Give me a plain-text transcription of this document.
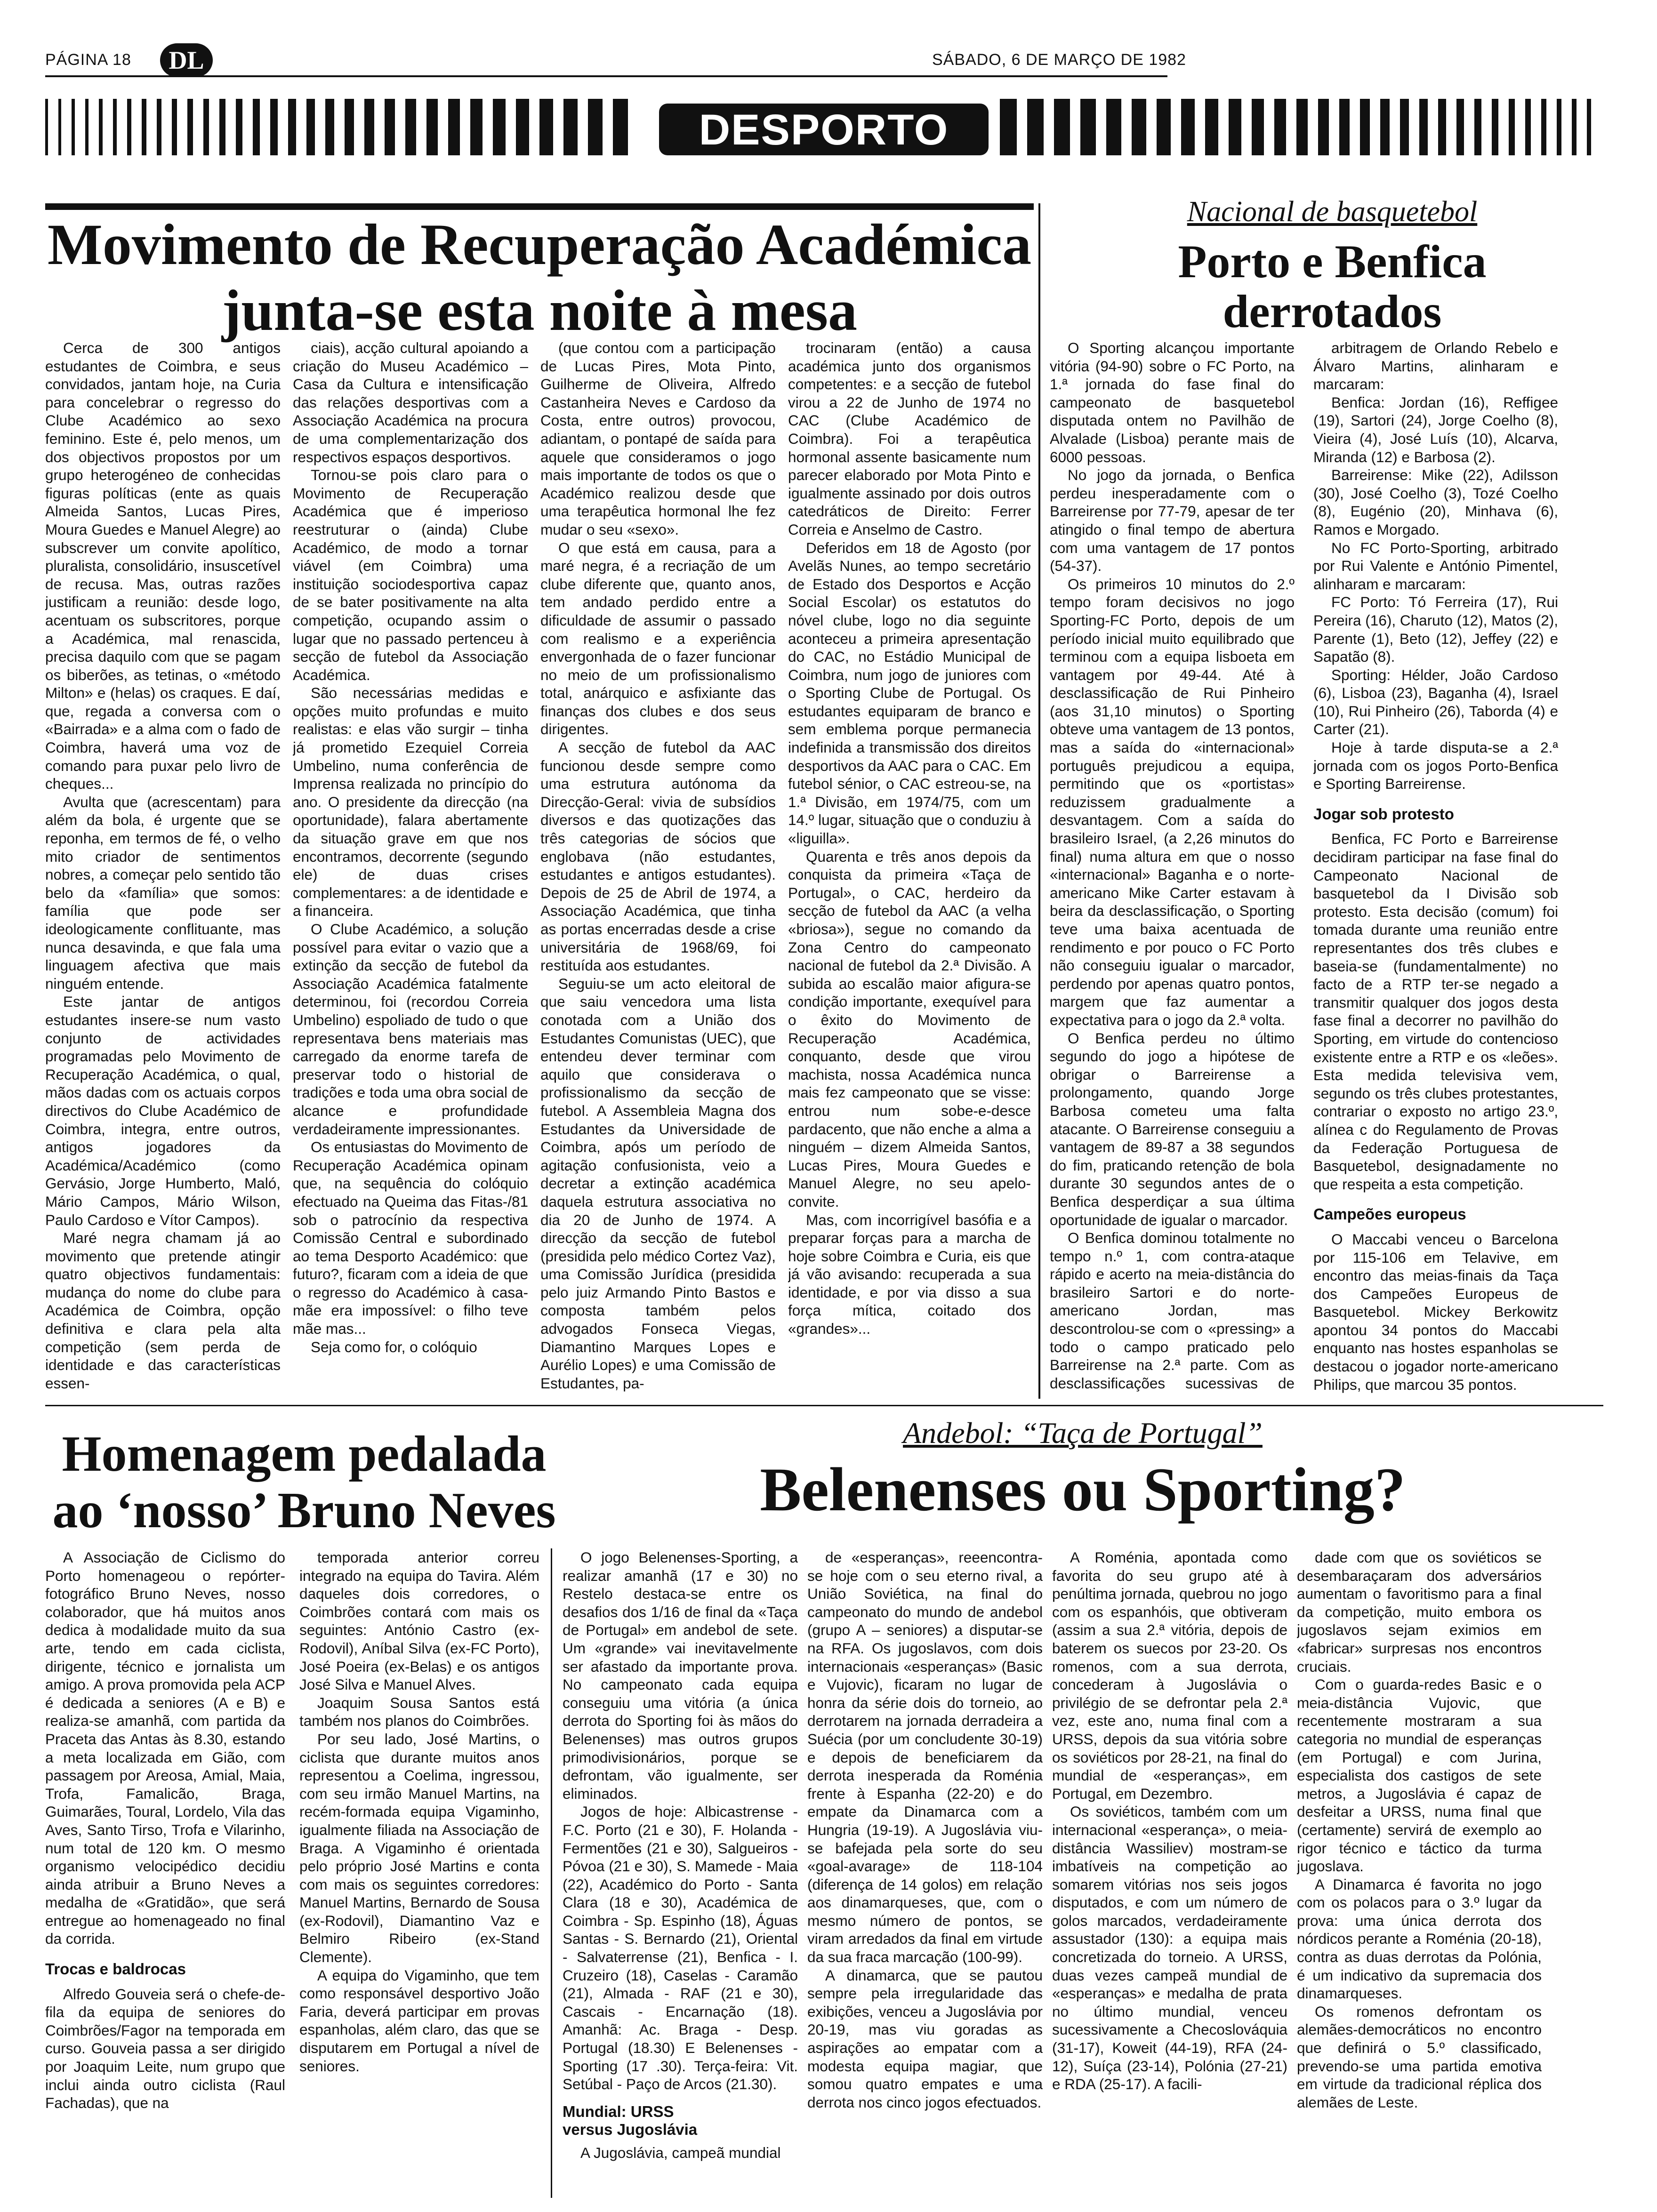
PÁGINA 18	DL	SÁBADO, 6 DE MARÇO DE 1982
DESPORTO
Movimento de Recuperação Académica
junta-se esta noite à mesa

Cerca de 300 antigos estudantes de Coimbra, e seus convidados, jantam hoje, na Curia para concelebrar o regresso do Clube Académico ao sexo feminino. Este é, pelo menos, um dos objectivos propostos por um grupo heterogéneo de conhecidas figuras políticas (ente as quais Almeida Santos, Lucas Pires, Moura Guedes e Manuel Alegre) ao subscrever um convite apolítico, pluralista, consolidário, insuscetível de recusa. Mas, outras razões justificam a reunião: desde logo, acentuam os subscritores, porque a Académica, mal renascida, precisa daquilo com que se pagam os biberões, as tetinas, o «método Milton» e (helas) os craques. E daí, que, regada a conversa com o «Bairrada» e a alma com o fado de Coimbra, haverá uma voz de comando para puxar pelo livro de cheques...

Avulta que (acrescentam) para além da bola, é urgente que se reponha, em termos de fé, o velho mito criador de sentimentos nobres, a começar pelo sentido tão belo da «família» que somos: família que pode ser ideologicamente conflituante, mas nunca desavinda, e que fala uma linguagem afectiva que mais ninguém entende.

Este jantar de antigos estudantes insere-se num vasto conjunto de actividades programadas pelo Movimento de Recuperação Académica, o qual, mãos dadas com os actuais corpos directivos do Clube Académico de Coimbra, integra, entre outros, antigos jogadores da Académica/Académico (como Gervásio, Jorge Humberto, Maló, Mário Campos, Mário Wilson, Paulo Cardoso e Vítor Campos).

Maré negra chamam já ao movimento que pretende atingir quatro objectivos fundamentais: mudança do nome do clube para Académica de Coimbra, opção definitiva e clara pela alta competição (sem perda de identidade e das características essen-

ciais), acção cultural apoiando a criação do Museu Académico – Casa da Cultura e intensificação das relações desportivas com a Associação Académica na procura de uma complementarização dos respectivos espaços desportivos.

Tornou-se pois claro para o Movimento de Recuperação Académica que é imperioso reestruturar o (ainda) Clube Académico, de modo a tornar viável (em Coimbra) uma instituição sociodesportiva capaz de se bater positivamente na alta competição, ocupando assim o lugar que no passado pertenceu à secção de futebol da Associação Académica.

São necessárias medidas e opções muito profundas e muito realistas: e elas vão surgir – tinha já prometido Ezequiel Correia Umbelino, numa conferência de Imprensa realizada no princípio do ano. O presidente da direcção (na oportunidade), falara abertamente da situação grave em que nos encontramos, decorrente (segundo ele) de duas crises complementares: a de identidade e a financeira.

O Clube Académico, a solução possível para evitar o vazio que a extinção da secção de futebol da Associação Académica fatalmente determinou, foi (recordou Correia Umbelino) espoliado de tudo o que representava bens materiais mas carregado da enorme tarefa de preservar todo o historial de tradições e toda uma obra social de alcance e profundidade verdadeiramente impressionantes.

Os entusiastas do Movimento de Recuperação Académica opinam que, na sequência do colóquio efectuado na Queima das Fitas-/81 sob o patrocínio da respectiva Comissão Central e subordinado ao tema Desporto Académico: que futuro?, ficaram com a ideia de que o regresso do Académico à casa-mãe era impossível: o filho teve mãe mas...

Seja como for, o colóquio

(que contou com a participação de Lucas Pires, Mota Pinto, Guilherme de Oliveira, Alfredo Castanheira Neves e Cardoso da Costa, entre outros) provocou, adiantam, o pontapé de saída para aquele que consideramos o jogo mais importante de todos os que o Académico realizou desde que uma terapêutica hormonal lhe fez mudar o seu «sexo».

O que está em causa, para a maré negra, é a recriação de um clube diferente que, quanto anos, tem andado perdido entre a dificuldade de assumir o passado com realismo e a experiência envergonhada de o fazer funcionar no meio de um profissionalismo total, anárquico e asfixiante das finanças dos clubes e dos seus dirigentes.

A secção de futebol da AAC funcionou desde sempre como uma estrutura autónoma da Direcção-Geral: vivia de subsídios diversos e das quotizações das três categorias de sócios que englobava (não estudantes, estudantes e antigos estudantes). Depois de 25 de Abril de 1974, a Associação Académica, que tinha as portas encerradas desde a crise universitária de 1968/69, foi restituída aos estudantes.

Seguiu-se um acto eleitoral de que saiu vencedora uma lista conotada com a União dos Estudantes Comunistas (UEC), que entendeu dever terminar com aquilo que considerava o profissionalismo da secção de futebol. A Assembleia Magna dos Estudantes da Universidade de Coimbra, após um período de agitação confusionista, veio a decretar a extinção académica daquela estrutura associativa no dia 20 de Junho de 1974. A direcção da secção de futebol (presidida pelo médico Cortez Vaz), uma Comissão Jurídica (presidida pelo juiz Armando Pinto Bastos e composta também pelos advogados Fonseca Viegas, Diamantino Marques Lopes e Aurélio Lopes) e uma Comissão de Estudantes, pa-

trocinaram (então) a causa académica junto dos organismos competentes: e a secção de futebol virou a 22 de Junho de 1974 no CAC (Clube Académico de Coimbra). Foi a terapêutica hormonal assente basicamente num parecer elaborado por Mota Pinto e igualmente assinado por dois outros catedráticos de Direito: Ferrer Correia e Anselmo de Castro.

Deferidos em 18 de Agosto (por Avelãs Nunes, ao tempo secretário de Estado dos Desportos e Acção Social Escolar) os estatutos do nóvel clube, logo no dia seguinte aconteceu a primeira apresentação do CAC, no Estádio Municipal de Coimbra, num jogo de juniores com o Sporting Clube de Portugal. Os estudantes equiparam de branco e sem emblema porque permanecia indefinida a transmissão dos direitos desportivos da AAC para o CAC. Em futebol sénior, o CAC estreou-se, na 1.ª Divisão, em 1974/75, com um 14.º lugar, situação que o conduziu à «liguilla».

Quarenta e três anos depois da conquista da primeira «Taça de Portugal», o CAC, herdeiro da secção de futebol da AAC (a velha «briosa»), segue no comando da Zona Centro do campeonato nacional de futebol da 2.ª Divisão. A subida ao escalão maior afigura-se condição importante, exequível para o êxito do Movimento de Recuperação Académica, conquanto, desde que virou machista, nossa Académica nunca mais fez campeonato que se visse: entrou num sobe-e-desce pardacento, que não enche a alma a ninguém – dizem Almeida Santos, Lucas Pires, Moura Guedes e Manuel Alegre, no seu apelo-convite.

Mas, com incorrigível basófia e a preparar forças para a marcha de hoje sobre Coimbra e Curia, eis que já vão avisando: recuperada a sua identidade, e por via disso a sua força mítica, coitado dos «grandes»...

Nacional de basquetebol
Porto e Benfica
derrotados

O Sporting alcançou importante vitória (94-90) sobre o FC Porto, na 1.ª jornada do fase final do campeonato de basquetebol disputada ontem no Pavilhão de Alvalade (Lisboa) perante mais de 6000 pessoas.

No jogo da jornada, o Benfica perdeu inesperadamente com o Barreirense por 77-79, apesar de ter atingido o final tempo de abertura com uma vantagem de 17 pontos (54-37).

Os primeiros 10 minutos do 2.º tempo foram decisivos no jogo Sporting-FC Porto, depois de um período inicial muito equilibrado que terminou com a equipa lisboeta em vantagem por 49-44. Até à desclassificação de Rui Pinheiro (aos 31,10 minutos) o Sporting obteve uma vantagem de 13 pontos, mas a saída do «internacional» português prejudicou a equipa, permitindo que os «portistas» reduzissem gradualmente a desvantagem. Com a saída do brasileiro Israel, (a 2,26 minutos do final) numa altura em que o nosso «internacional» Baganha e o norte-americano Mike Carter estavam à beira da desclassificação, o Sporting teve uma baixa acentuada de rendimento e por pouco o FC Porto não conseguiu igualar o marcador, perdendo por apenas quatro pontos, margem que faz aumentar a expectativa para o jogo da 2.ª volta.

O Benfica perdeu no último segundo do jogo a hipótese de obrigar o Barreirense a prolongamento, quando Jorge Barbosa cometeu uma falta atacante. O Barreirense conseguiu a vantagem de 89-87 a 38 segundos do fim, praticando retenção de bola durante 30 segundos antes de o Benfica desperdiçar a sua última oportunidade de igualar o marcador.

O Benfica dominou totalmente no tempo n.º 1, com contra-ataque rápido e acerto na meia-distância do brasileiro Sartori e do norte-americano Jordan, mas descontrolou-se com o «pressing» a todo o campo praticado pelo Barreirense na 2.ª parte. Com as desclassificações sucessivas de

arbitragem de Orlando Rebelo e Álvaro Martins, alinharam e marcaram:

Benfica: Jordan (16), Reffigee (19), Sartori (24), Jorge Coelho (8), Vieira (4), José Luís (10), Alcarva, Miranda (12) e Barbosa (2).

Barreirense: Mike (22), Adilsson (30), José Coelho (3), Tozé Coelho (8), Eugénio (20), Minhava (6), Ramos e Morgado.

No FC Porto-Sporting, arbitrado por Rui Valente e António Pimentel, alinharam e marcaram:

FC Porto: Tó Ferreira (17), Rui Pereira (16), Charuto (12), Matos (2), Parente (1), Beto (12), Jeffey (22) e Sapatão (8).

Sporting: Hélder, João Cardoso (6), Lisboa (23), Baganha (4), Israel (10), Rui Pinheiro (26), Taborda (4) e Carter (21).

Hoje à tarde disputa-se a 2.ª jornada com os jogos Porto-Benfica e Sporting Barreirense.

Jogar sob protesto

Benfica, FC Porto e Barreirense decidiram participar na fase final do Campeonato Nacional de basquetebol da I Divisão sob protesto. Esta decisão (comum) foi tomada durante uma reunião entre representantes dos três clubes e baseia-se (fundamentalmente) no facto de a RTP ter-se negado a transmitir qualquer dos jogos desta fase final a decorrer no pavilhão do Sporting, em virtude do contencioso existente entre a RTP e os «leões». Esta medida televisiva vem, segundo os três clubes protestantes, contrariar o exposto no artigo 23.º, alínea c do Regulamento de Provas da Federação Portuguesa de Basquetebol, designadamente no que respeita a esta competição.

Campeões europeus

O Maccabi venceu o Barcelona por 115-106 em Telavive, em encontro das meias-finais da Taça dos Campeões Europeus de Basquetebol. Mickey Berkowitz apontou 34 pontos do Maccabi enquanto nas hostes espanholas se destacou o jogador norte-americano Philips, que marcou 35 pontos.

Homenagem pedalada
ao ‘nosso’ Bruno Neves

A Associação de Ciclismo do Porto homenageou o repórter-fotográfico Bruno Neves, nosso colaborador, que há muitos anos dedica à modalidade muito da sua arte, tendo em cada ciclista, dirigente, técnico e jornalista um amigo. A prova promovida pela ACP é dedicada a seniores (A e B) e realiza-se amanhã, com partida da Praceta das Antas às 8.30, estando a meta localizada em Gião, com passagem por Areosa, Amial, Maia, Trofa, Famalicão, Braga, Guimarães, Toural, Lordelo, Vila das Aves, Santo Tirso, Trofa e Vilarinho, num total de 120 km. O mesmo organismo velocipédico decidiu ainda atribuir a Bruno Neves a medalha de «Gratidão», que será entregue ao homenageado no final da corrida.

Trocas e baldrocas

Alfredo Gouveia será o chefe-de-fila da equipa de seniores do Coimbrões/Fagor na temporada em curso. Gouveia passa a ser dirigido por Joaquim Leite, num grupo que inclui ainda outro ciclista (Raul Fachadas), que na

temporada anterior correu integrado na equipa do Tavira. Além daqueles dois corredores, o Coimbrões contará com mais os seguintes: António Castro (ex-Rodovil), Aníbal Silva (ex-FC Porto), José Poeira (ex-Belas) e os antigos José Silva e Manuel Alves.

Joaquim Sousa Santos está também nos planos do Coimbrões.

Por seu lado, José Martins, o ciclista que durante muitos anos representou a Coelima, ingressou, com seu irmão Manuel Martins, na recém-formada equipa Vigaminho, igualmente filiada na Associação de Braga. A Vigaminho é orientada pelo próprio José Martins e conta com mais os seguintes corredores: Manuel Martins, Bernardo de Sousa (ex-Rodovil), Diamantino Vaz e Belmiro Ribeiro (ex-Stand Clemente).

A equipa do Vigaminho, que tem como responsável desportivo João Faria, deverá participar em provas espanholas, além claro, das que se disputarem em Portugal a nível de seniores.

Andebol: “Taça de Portugal”
Belenenses ou Sporting?

O jogo Belenenses-Sporting, a realizar amanhã (17 e 30) no Restelo destaca-se entre os desafios dos 1/16 de final da «Taça de Portugal» em andebol de sete. Um «grande» vai inevitavelmente ser afastado da importante prova. No campeonato cada equipa conseguiu uma vitória (a única derrota do Sporting foi às mãos do Belenenses) mas outros grupos primodivisionários, porque se defrontam, vão igualmente, ser eliminados.

Jogos de hoje: Albicastrense -F.C. Porto (21 e 30), F. Holanda -Fermentões (21 e 30), Salgueiros - Póvoa (21 e 30), S. Mamede - Maia (22), Académico do Porto - Santa Clara (18 e 30), Académica de Coimbra - Sp. Espinho (18), Águas Santas - S. Bernardo (21), Oriental - Salvaterrense (21), Benfica - I. Cruzeiro (18), Caselas - Caramão (21), Almada - RAF (21 e 30), Cascais - Encarnação (18). Amanhã: Ac. Braga - Desp. Portugal (18.30) E Belenenses - Sporting (17 .30). Terça-feira: Vit. Setúbal - Paço de Arcos (21.30).

Mundial: URSS
versus Jugoslávia

A Jugoslávia, campeã mundial

de «esperanças», reeencontra-se hoje com o seu eterno rival, a União Soviética, na final do campeonato do mundo de andebol (grupo A – seniores) a disputar-se na RFA. Os jugoslavos, com dois internacionais «esperanças» (Basic e Vujovic), ficaram no lugar de honra da série dois do torneio, ao derrotarem na jornada derradeira a Suécia (por um concludente 30-19) e depois de beneficiarem da derrota inesperada da Roménia frente à Espanha (22-20) e do empate da Dinamarca com a Hungria (19-19). A Jugoslávia viu-se bafejada pela sorte do seu «goal-avarage» de 118-104 (diferença de 14 golos) em relação aos dinamarqueses, que, com o mesmo número de pontos, se viram arredados da final em virtude da sua fraca marcação (100-99).

A dinamarca, que se pautou sempre pela irregularidade das exibições, venceu a Jugoslávia por 20-19, mas viu goradas as aspirações ao empatar com a modesta equipa magiar, que somou quatro empates e uma derrota nos cinco jogos efectuados.

A Roménia, apontada como favorita do seu grupo até à penúltima jornada, quebrou no jogo com os espanhóis, que obtiveram (assim a sua 2.ª vitória, depois de baterem os suecos por 23-20. Os romenos, com a sua derrota, concederam à Jugoslávia o privilégio de se defrontar pela 2.ª vez, este ano, numa final com a URSS, depois da sua vitória sobre os soviéticos por 28-21, na final do mundial de «esperanças», em Portugal, em Dezembro.

Os soviéticos, também com um internacional «esperança», o meia-distância Wassiliev) mostram-se imbatíveis na competição ao somarem vitórias nos seis jogos disputados, e com um número de golos marcados, verdadeiramente assustador (130): a equipa mais concretizada do torneio. A URSS, duas vezes campeã mundial de «esperanças» e medalha de prata no último mundial, venceu sucessivamente a Checoslováquia (31-17), Koweit (44-19), RFA (24-12), Suíça (23-14), Polónia (27-21) e RDA (25-17). A facili-

dade com que os soviéticos se desembaraçaram dos adversários aumentam o favoritismo para a final da competição, muito embora os jugoslavos sejam eximios em «fabricar» surpresas nos encontros cruciais.

Com o guarda-redes Basic e o meia-distância Vujovic, que recentemente mostraram a sua categoria no mundial de esperanças (em Portugal) e com Jurina, especialista dos castigos de sete metros, a Jugoslávia é capaz de desfeitar a URSS, numa final que (certamente) servirá de exemplo ao rigor técnico e táctico da turma jugoslava.

A Dinamarca é favorita no jogo com os polacos para o 3.º lugar da prova: uma única derrota dos nórdicos perante a Roménia (20-18), contra as duas derrotas da Polónia, é um indicativo da supremacia dos dinamarqueses.

Os romenos defrontam os alemães-democráticos no encontro que definirá o 5.º classificado, prevendo-se uma partida emotiva em virtude da tradicional réplica dos alemães de Leste.
